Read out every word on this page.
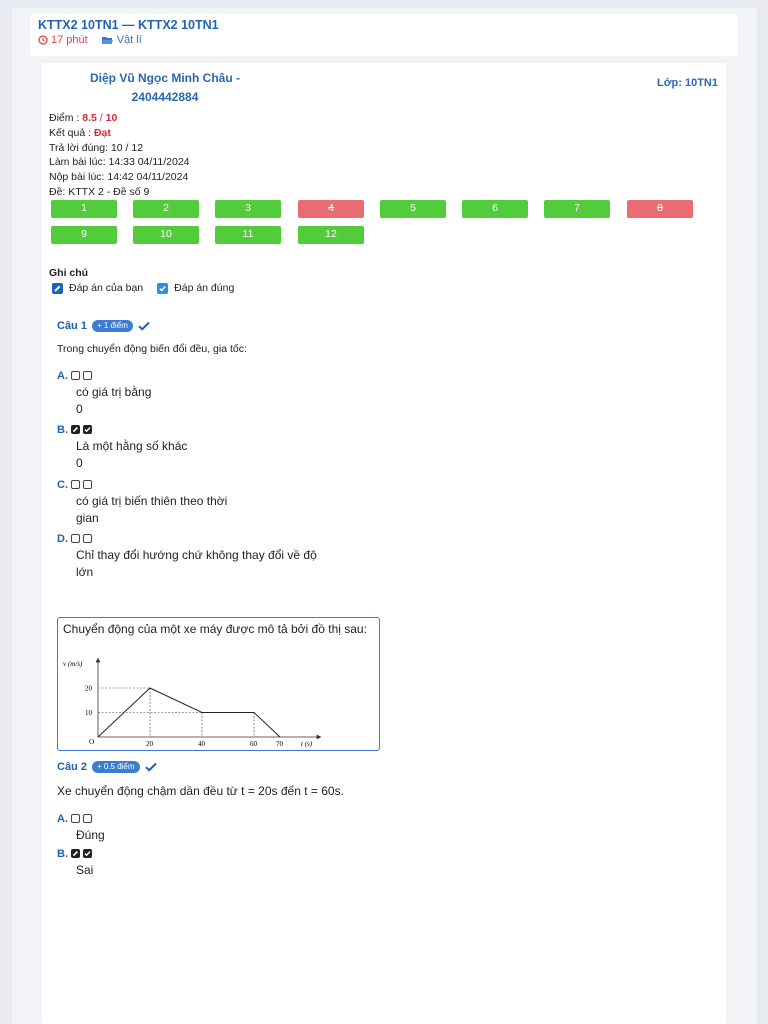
KTTX2 10TN1 — KTTX2 10TN1
17 phút	Vật lí
Diệp Vũ Ngọc Minh Châu - 2404442884
Lớp: 10TN1
Điểm : 8.5 / 10
Kết quả : Đạt
Trả lời đúng: 10 / 12
Làm bài lúc: 14:33 04/11/2024
Nộp bài lúc: 14:42 04/11/2024
Đề: KTTX 2 - Đề số 9
1	2	3	4	5	6	7	8
9	10	11	12
Ghi chú
Đáp án của bạn	Đáp án đúng
Câu 1	+ 1 điểm
Trong chuyển động biến đổi đều, gia tốc:
A.
có giá trị bằng
0
B.
Là một hằng số khác
0
C.
có giá trị biến thiên theo thời
gian
D.
Chỉ thay đổi hướng chứ không thay đổi về độ
lớn
Chuyển động của một xe máy được mô tả bởi đồ thị sau:
v (m/s)
t (s)
O
20
10
20	40	60	70
Câu 2	+ 0.5 điểm
Xe chuyển động chậm dần đều từ t = 20s đến t = 60s.
A.
Đúng
B.
Sai
